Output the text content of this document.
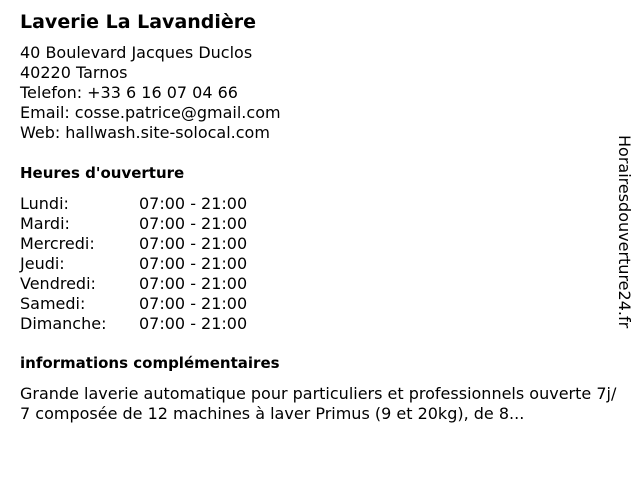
Laverie La Lavandière
40 Boulevard Jacques Duclos
40220 Tarnos
Telefon: +33 6 16 07 04 66
Email: cosse.patrice@gmail.com
Web: hallwash.site-solocal.com
Heures d'ouverture
Lundi:	07:00 - 21:00
Mardi:	07:00 - 21:00
Mercredi:	07:00 - 21:00
Jeudi:	07:00 - 21:00
Vendredi:	07:00 - 21:00
Samedi:	07:00 - 21:00
Dimanche: 07:00 - 21:00
informations complémentaires
Grande laverie automatique pour particuliers et professionnels ouverte 7j/7 composée de 12 machines à laver Primus (9 et 20kg), de 8...
Horairesdouverture24.fr
